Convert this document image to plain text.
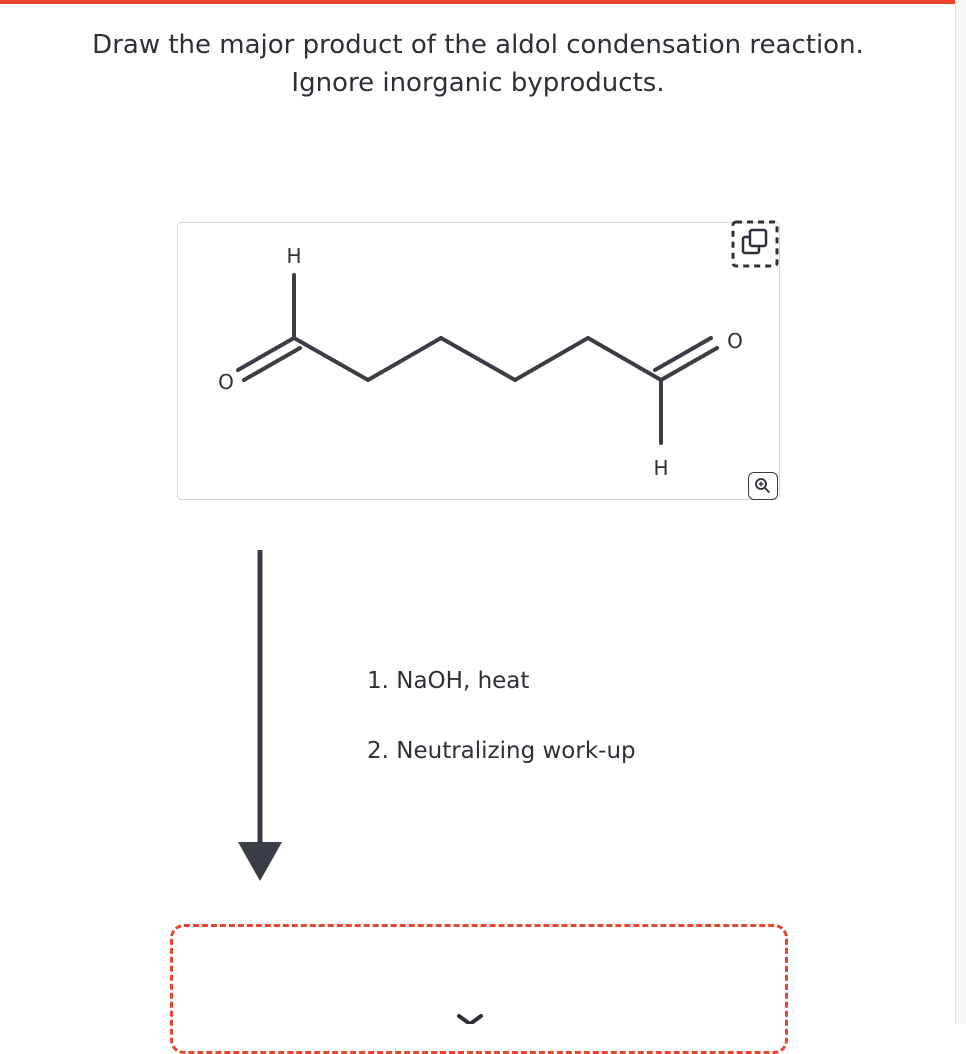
Draw the major product of the aldol condensation reaction.
Ignore inorganic byproducts.
H
O
O
H
1. NaOH, heat
2. Neutralizing work-up
